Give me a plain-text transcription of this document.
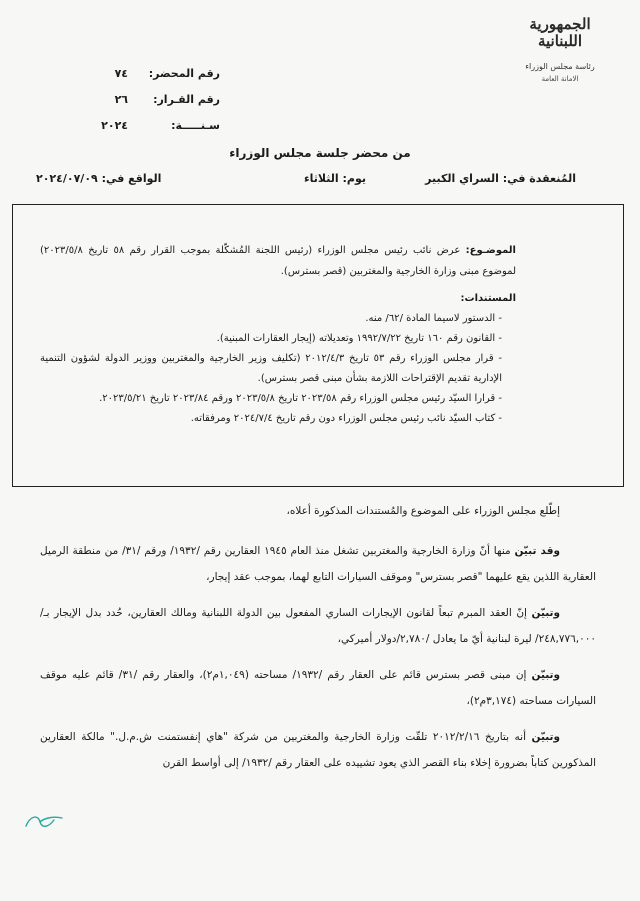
الجمهورية
اللبنانية
رئاسة مجلس الوزراء
الامانة العامة
رقم المحضر:
٧٤
رقم القـرار:
٢٦
سـنـــــة:
٢٠٢٤
من محضر جلسة مجلس الوزراء
المُنعقدة في: السراي الكبير
يوم: الثلاثاء
الواقع في: ٢٠٢٤/٠٧/٠٩
الموضـوع: عرض نائب رئيس مجلس الوزراء (رئيس اللجنة المُشكّلة بموجب القرار رقم ٥٨ تاريخ ٢٠٢٣/٥/٨) لموضوع مبنى وزارة الخارجية والمغتربين (قصر بسترس).
المستندات:
- الدستور لاسيما المادة /٦٢/ منه.
- القانون رقم ١٦٠ تاريخ ١٩٩٢/٧/٢٢ وتعديلاته (إيجار العقارات المبنية).
- قرار مجلس الوزراء رقم ٥٣ تاريخ ٢٠١٢/٤/٣ (تكليف وزير الخارجية والمغتربين ووزير الدولة لشؤون التنمية الإدارية تقديم الإقتراحات اللازمة بشأن مبنى قصر بسترس).
- قرارا السيّد رئيس مجلس الوزراء رقم ٢٠٢٣/٥٨ تاريخ ٢٠٢٣/٥/٨ ورقم ٢٠٢٣/٨٤ تاريخ ٢٠٢٣/٥/٢١.
- كتاب السيّد نائب رئيس مجلس الوزراء دون رقم تاريخ ٢٠٢٤/٧/٤ ومرفقاته.

إطّلع مجلس الوزراء على الموضوع والمُستندات المذكورة أعلاه،

وقد تبيّن منها أنّ وزارة الخارجية والمغتربين تشغل منذ العام ١٩٤٥ العقارين رقم /١٩٣٢/ ورقم /٣١/ من منطقة الرميل العقارية اللذين يقع عليهما "قصر بسترس" وموقف السيارات التابع لهما، بموجب عقد إيجار،

وتبيّن إنّ العقد المبرم تبعاً لقانون الإيجارات الساري المفعول بين الدولة اللبنانية ومالك العقارين، حُدد بدل الإيجار بـ/٢٤٨,٧٧٦,٠٠٠/ ليرة لبنانية أيّ ما يعادل /٢,٧٨٠/دولار أميركي،

وتبيّن إن مبنى قصر بسترس قائم على العقار رقم /١٩٣٢/ مساحته (١,٠٤٩م٢)، والعقار رقم /٣١/ قائم عليه موقف السيارات مساحته (٣,١٧٤م٢)،

وتبيّن أنه بتاريخ ٢٠١٢/٢/١٦ تلقّت وزارة الخارجية والمغتربين من شركة "هاي إنفستمنت ش.م.ل." مالكة العقارين المذكورين كتاباً بضرورة إخلاء بناء القصر الذي يعود تشييده على العقار رقم /١٩٣٢/ إلى أواسط القرن
